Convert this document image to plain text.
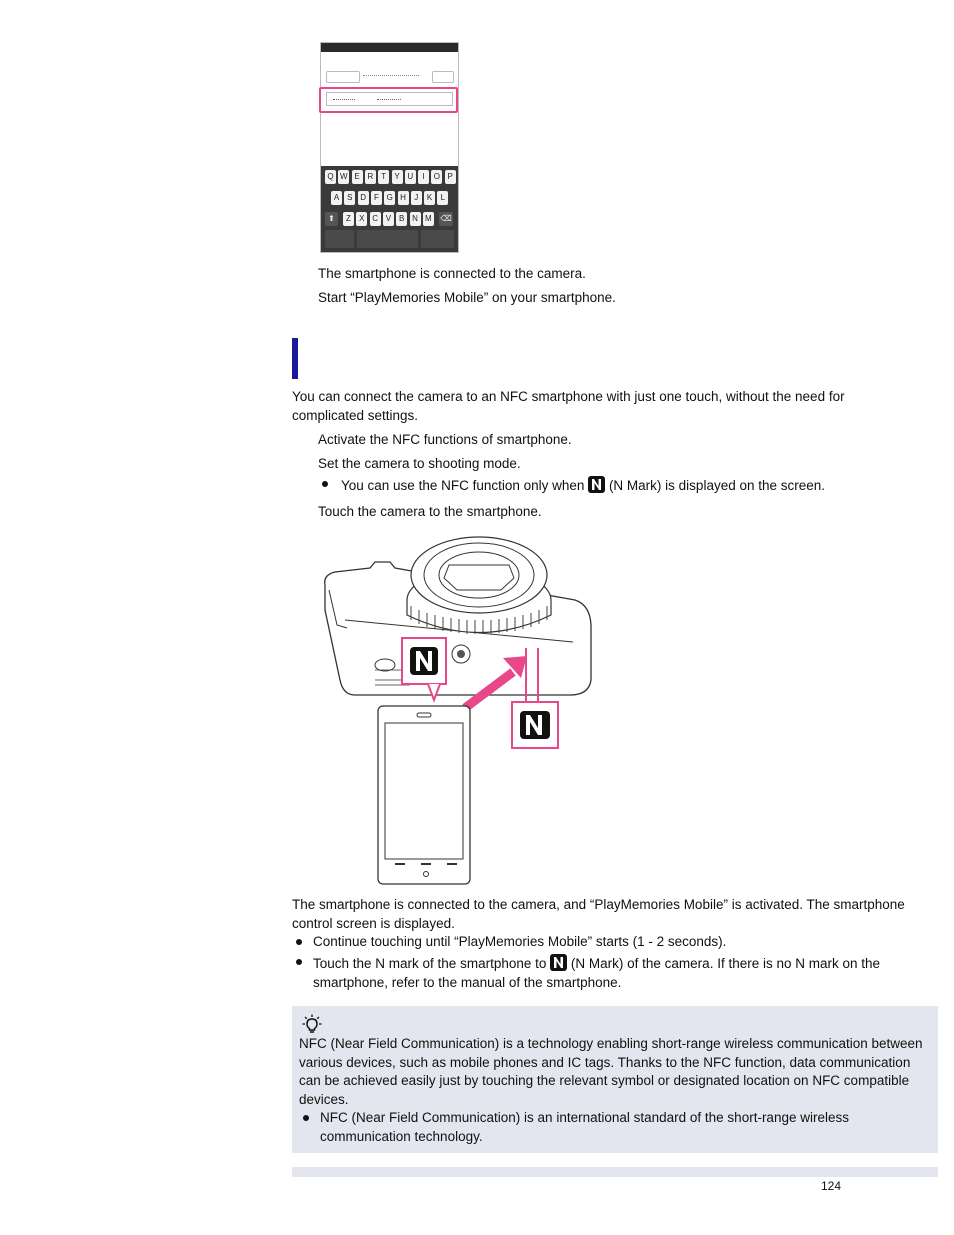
Q W E R T	Y U	I	O P
A S D F G H	J	K	L
Z	X C V B N M
⬆	⌫
The smartphone is connected to the camera.
Start “PlayMemories Mobile” on your smartphone.
You can connect the camera to an NFC smartphone with just one touch, without the need for complicated settings.
Activate the NFC functions of smartphone.
Set the camera to shooting mode.
You can use the NFC function only when (N Mark) is displayed on the screen.
Touch the camera to the smartphone.
The smartphone is connected to the camera, and “PlayMemories Mobile” is activated. The smartphone control screen is displayed.
Continue touching until “PlayMemories Mobile” starts (1 - 2 seconds).
Touch the N mark of the smartphone to (N Mark) of the camera. If there is no N mark on the smartphone, refer to the manual of the smartphone.
NFC (Near Field Communication) is a technology enabling short-range wireless communication between various devices, such as mobile phones and IC tags. Thanks to the NFC function, data communication can be achieved easily just by touching the relevant symbol or designated location on NFC compatible devices.
NFC (Near Field Communication) is an international standard of the short-range wireless communication technology.
124
